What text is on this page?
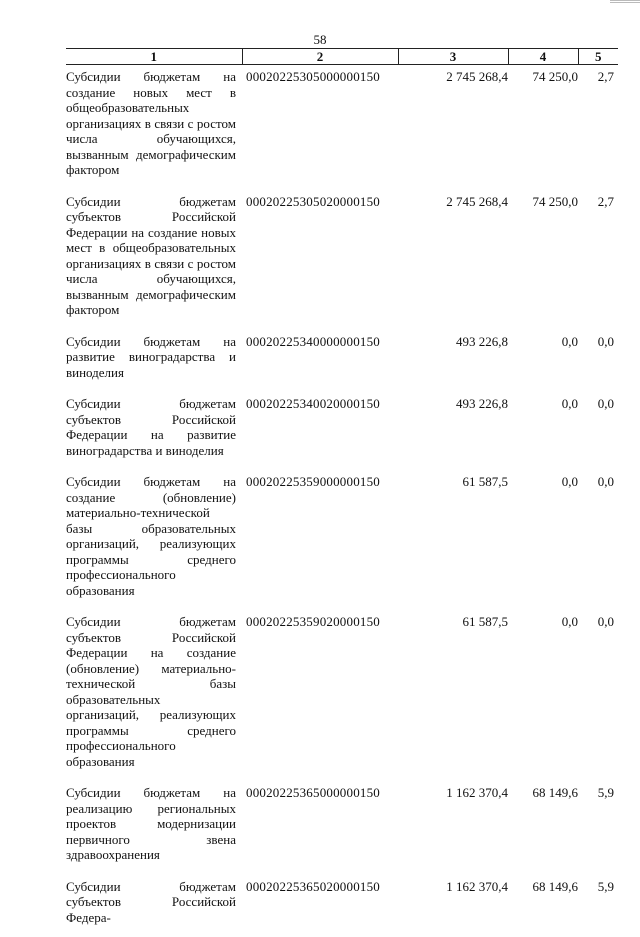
58
1	2	3	4	5
Субсидии бюджетам на создание новых мест в общеобразовательных организациях в связи с ростом числа обучающихся, вызванным демографическим фактором	00020225305000000150	2 745 268,4	74 250,0	2,7
Субсидии бюджетам субъектов Российской Федерации на создание новых мест в общеобразовательных организациях в связи с ростом числа обучающихся, вызванным демографическим фактором	00020225305020000150	2 745 268,4	74 250,0	2,7
Субсидии бюджетам на развитие виноградарства и виноделия	00020225340000000150	493 226,8	0,0	0,0
Субсидии бюджетам субъектов Российской Федерации на развитие виноградарства и виноделия	00020225340020000150	493 226,8	0,0	0,0
Субсидии бюджетам на создание (обновление) материально-технической базы образовательных организаций, реализующих программы среднего профессионального образования	00020225359000000150	61 587,5	0,0	0,0
Субсидии бюджетам субъектов Российской Федерации на создание (обновление) материально-технической базы образовательных организаций, реализующих программы среднего профессионального образования	00020225359020000150	61 587,5	0,0	0,0
Субсидии бюджетам на реализацию региональных проектов модернизации первичного звена здравоохранения	00020225365000000150	1 162 370,4	68 149,6	5,9
Субсидии бюджетам субъектов Российской Федера-	00020225365020000150	1 162 370,4	68 149,6	5,9
